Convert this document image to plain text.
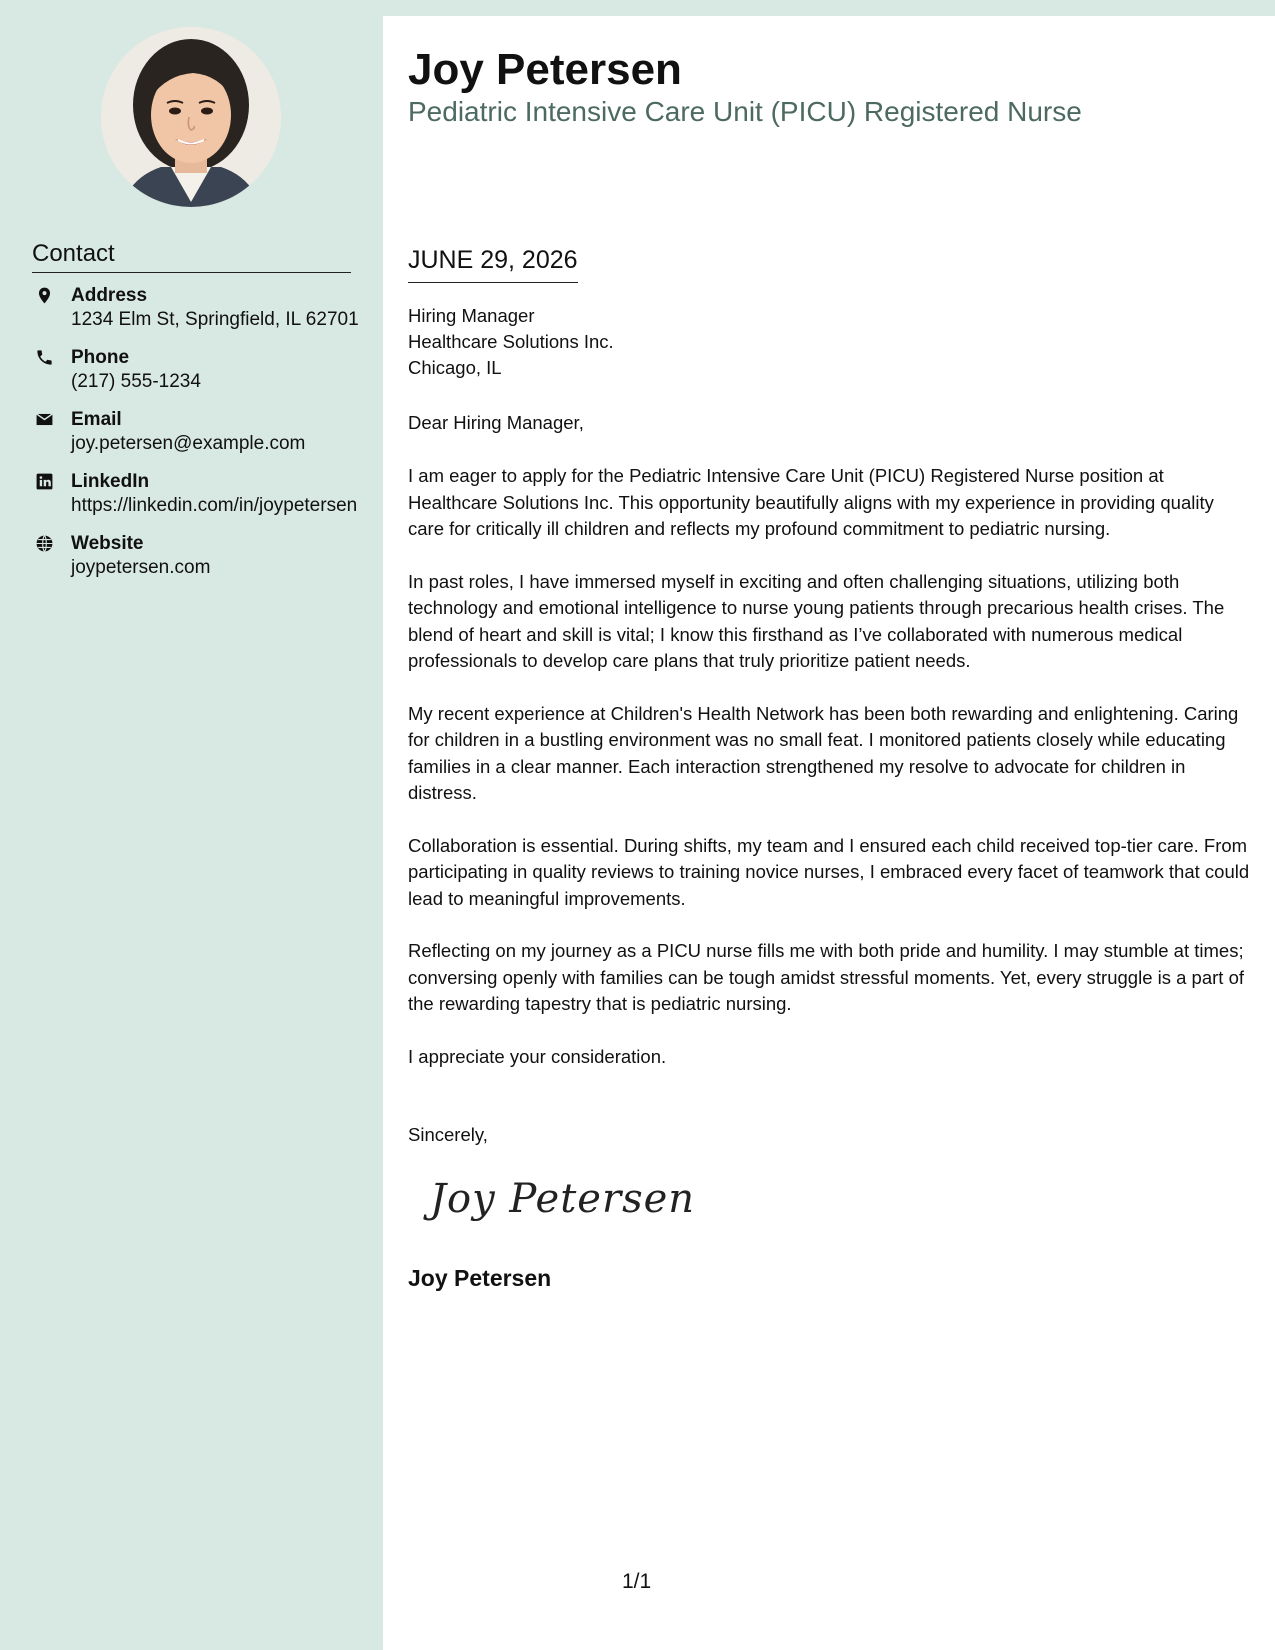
Contact
Address
1234 Elm St, Springfield, IL 62701
Phone
(217) 555-1234
Email
joy.petersen@example.com
LinkedIn
https://linkedin.com/in/joypetersen
Website
joypetersen.com
Joy Petersen
Pediatric Intensive Care Unit (PICU) Registered Nurse
JUNE 29, 2026
Hiring Manager
Healthcare Solutions Inc.
Chicago, IL
Dear Hiring Manager,

I am eager to apply for the Pediatric Intensive Care Unit (PICU) Registered Nurse position at Healthcare Solutions Inc. This opportunity beautifully aligns with my experience in providing quality care for critically ill children and reflects my profound commitment to pediatric nursing.

In past roles, I have immersed myself in exciting and often challenging situations, utilizing both technology and emotional intelligence to nurse young patients through precarious health crises. The blend of heart and skill is vital; I know this firsthand as I’ve collaborated with numerous medical professionals to develop care plans that truly prioritize patient needs.

My recent experience at Children's Health Network has been both rewarding and enlightening. Caring for children in a bustling environment was no small feat. I monitored patients closely while educating families in a clear manner. Each interaction strengthened my resolve to advocate for children in distress.

Collaboration is essential. During shifts, my team and I ensured each child received top-tier care. From participating in quality reviews to training novice nurses, I embraced every facet of teamwork that could lead to meaningful improvements.

Reflecting on my journey as a PICU nurse fills me with both pride and humility. I may stumble at times; conversing openly with families can be tough amidst stressful moments. Yet, every struggle is a part of the rewarding tapestry that is pediatric nursing.

I appreciate your consideration.

Sincerely,
Joy Petersen
Joy Petersen
1/1
